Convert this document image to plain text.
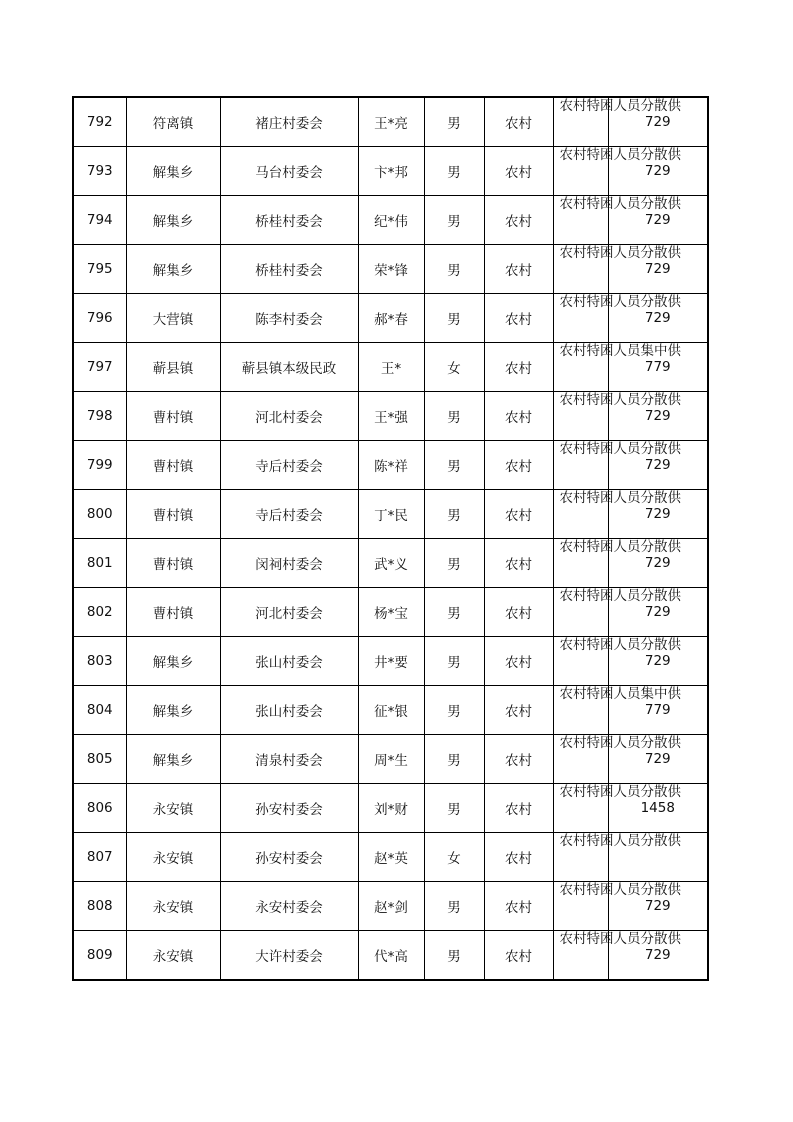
792	符离镇	褚庄村委会	王*亮	男	农村	农村特困人员分散供	729
793	解集乡	马台村委会	卞*邦	男	农村	农村特困人员分散供	729
794	解集乡	桥桂村委会	纪*伟	男	农村	农村特困人员分散供	729
795	解集乡	桥桂村委会	荣*锋	男	农村	农村特困人员分散供	729
796	大营镇	陈李村委会	郝*春	男	农村	农村特困人员分散供	729
797	蕲县镇	蕲县镇本级民政	王*	女	农村	农村特困人员集中供	779
798	曹村镇	河北村委会	王*强	男	农村	农村特困人员分散供	729
799	曹村镇	寺后村委会	陈*祥	男	农村	农村特困人员分散供	729
800	曹村镇	寺后村委会	丁*民	男	农村	农村特困人员分散供	729
801	曹村镇	闵祠村委会	武*义	男	农村	农村特困人员分散供	729
802	曹村镇	河北村委会	杨*宝	男	农村	农村特困人员分散供	729
803	解集乡	张山村委会	井*要	男	农村	农村特困人员分散供	729
804	解集乡	张山村委会	征*银	男	农村	农村特困人员集中供	779
805	解集乡	清泉村委会	周*生	男	农村	农村特困人员分散供	729
806	永安镇	孙安村委会	刘*财	男	农村	农村特困人员分散供	1458
807	永安镇	孙安村委会	赵*英	女	农村	农村特困人员分散供	

808	永安镇	永安村委会	赵*剑	男	农村	农村特困人员分散供	729
809	永安镇	大许村委会	代*高	男	农村	农村特困人员分散供	729
